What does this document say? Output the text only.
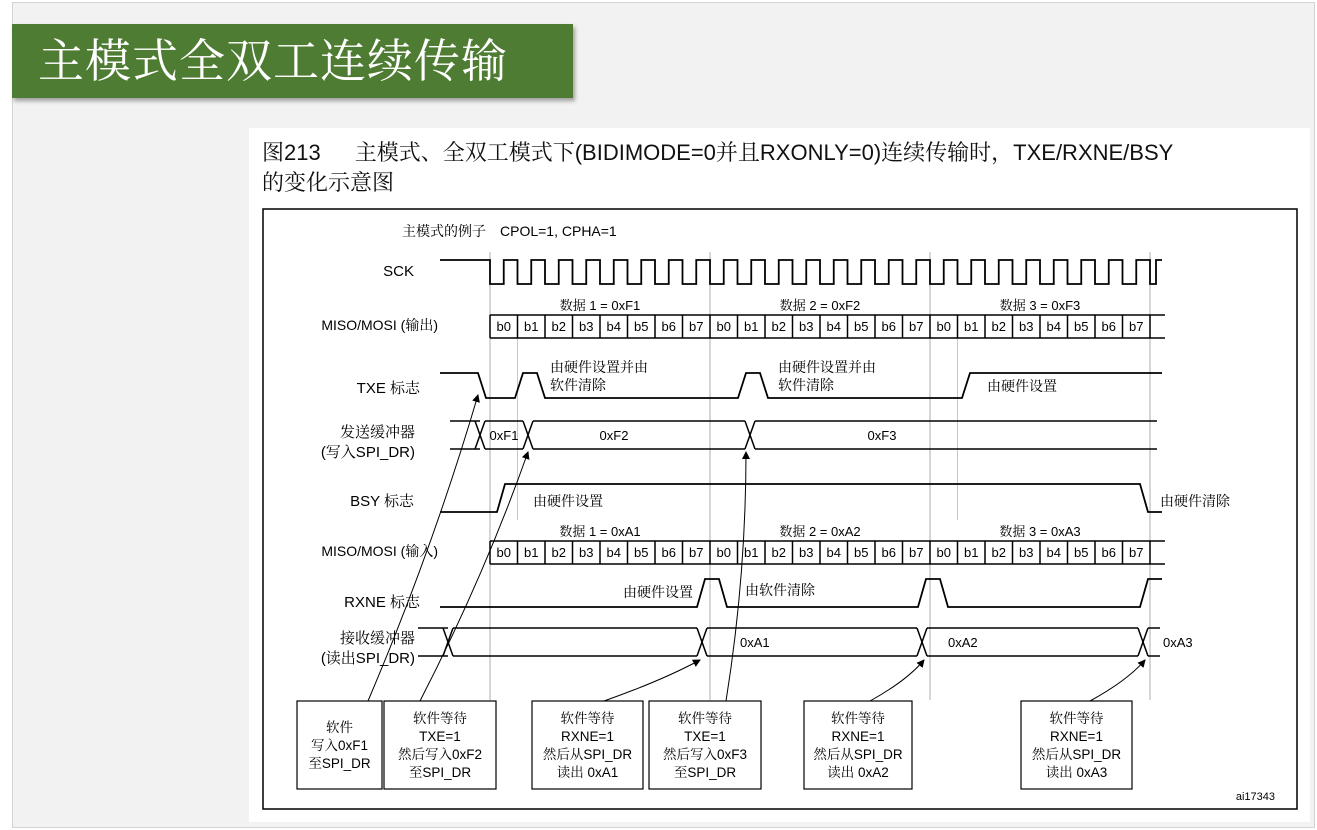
主模式全双工连续传输
图213 主模式、全双工模式下(BIDIMODE=0并且RXONLY=0)连续传输时，TXE/RXNE/BSY
的变化示意图
主模式的例子　CPOL=1, CPHA=1
SCK
MISO/MOSI (输出)
TXE 标志
发送缓冲器
(写入SPI_DR)
BSY 标志
MISO/MOSI (输入)
RXNE 标志
接收缓冲器
(读出SPI_DR)
由硬件设置并由
软件清除
由硬件设置并由
软件清除	由硬件设置
由硬件设置	由硬件清除
由硬件设置	由软件清除
ai17343
b0 b1 b2 b3 b4 b5 b6 b7 b0 b1 b2 b3 b4 b5 b6 b7 b0 b1 b2 b3 b4 b5 b6 b7
数据 1 = 0xF1	数据 2 = 0xF2	数据 3 = 0xF3
b0 b1 b2 b3 b4 b5 b6 b7 b0 b1 b2 b3 b4 b5 b6 b7 b0 b1 b2 b3 b4 b5 b6 b7
数据 1 = 0xA1	数据 2 = 0xA2	数据 3 = 0xA3
0xF1	0xF2	0xF3
0xA1	0xA2	0xA3
软件
写入0xF1
至SPI_DR
软件等待
TXE=1
然后写入0xF2
至SPI_DR
软件等待
RXNE=1
然后从SPI_DR
读出 0xA1
软件等待
TXE=1
然后写入0xF3
至SPI_DR
软件等待
RXNE=1
然后从SPI_DR
读出 0xA2
软件等待
RXNE=1
然后从SPI_DR
读出 0xA3
